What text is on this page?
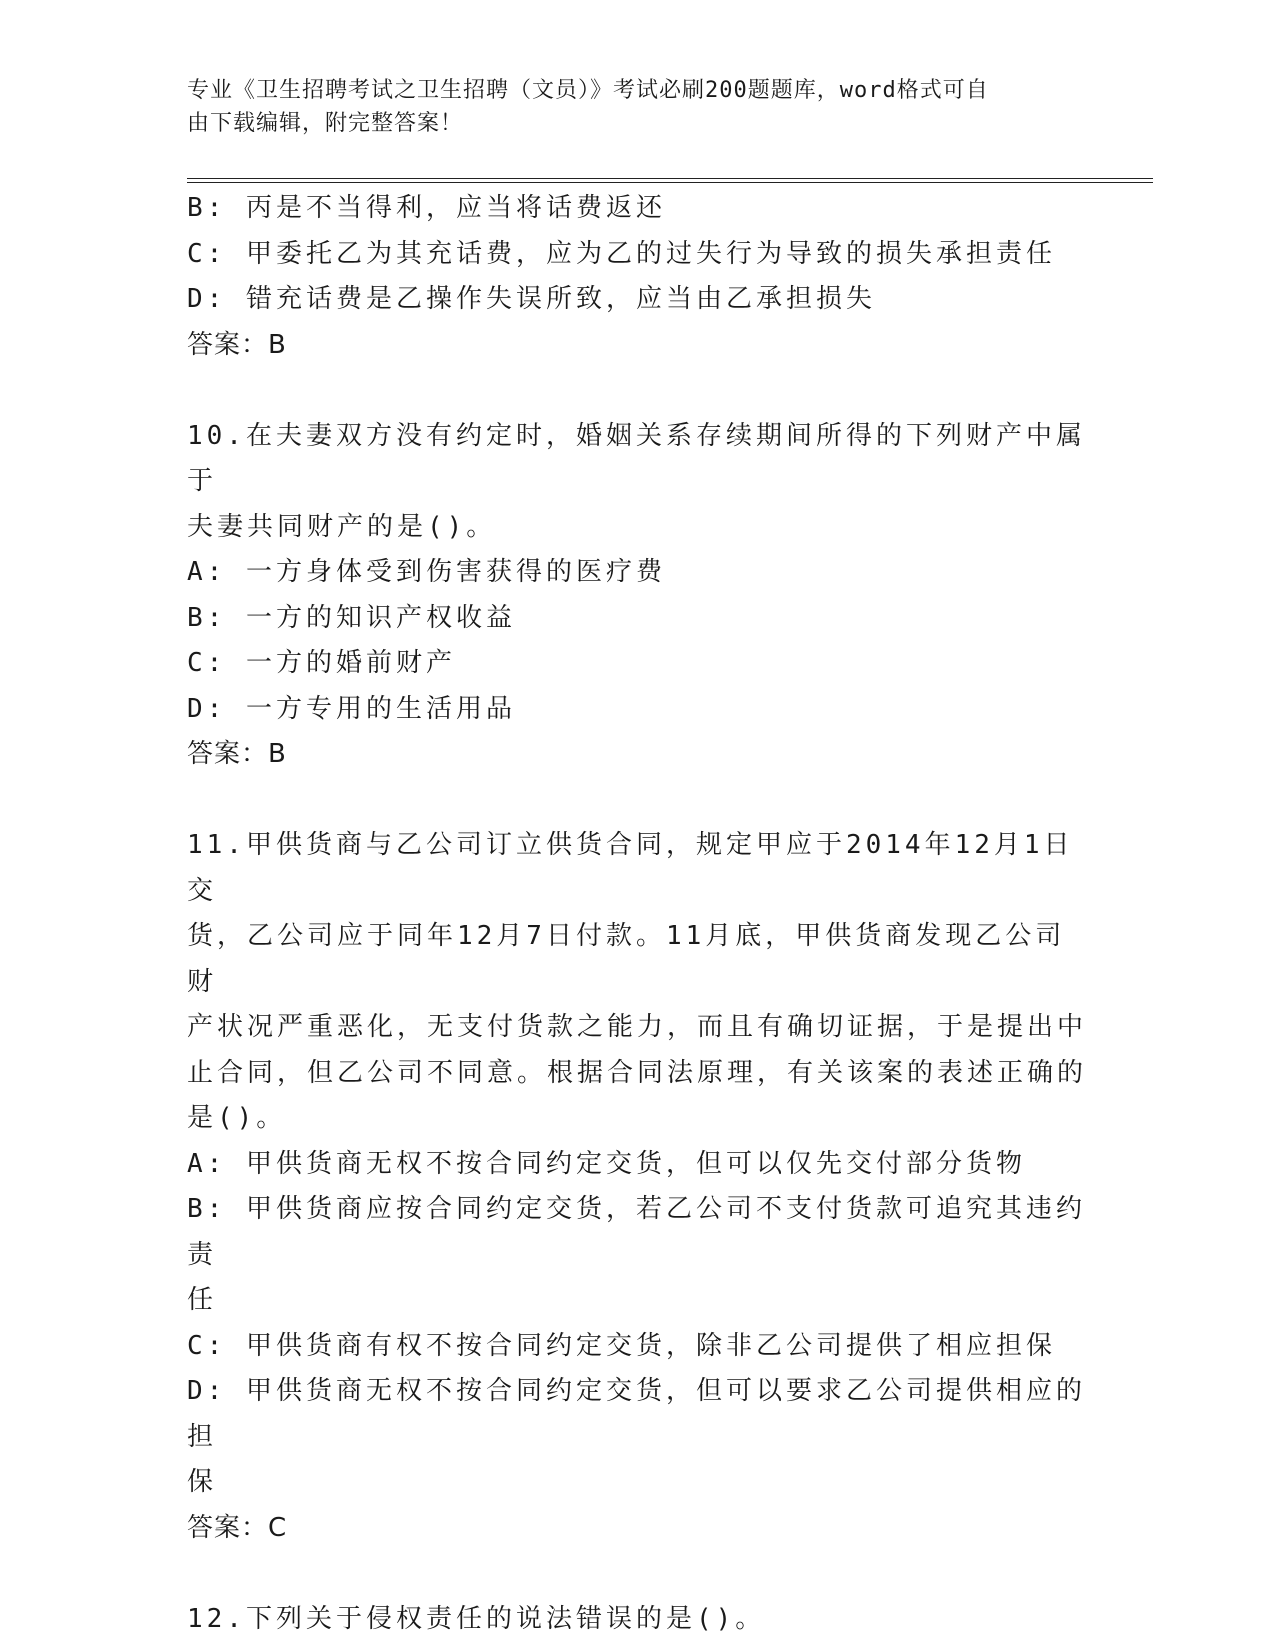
专业《卫生招聘考试之卫生招聘（文员）》考试必刷200题题库，word格式可自
由下载编辑，附完整答案！
B: 丙是不当得利，应当将话费返还
C: 甲委托乙为其充话费，应为乙的过失行为导致的损失承担责任
D: 错充话费是乙操作失误所致，应当由乙承担损失
答案：B
10.在夫妻双方没有约定时，婚姻关系存续期间所得的下列财产中属于
夫妻共同财产的是()。
A: 一方身体受到伤害获得的医疗费
B: 一方的知识产权收益
C: 一方的婚前财产
D: 一方专用的生活用品
答案：B
11.甲供货商与乙公司订立供货合同，规定甲应于2014年12月1日交
货，乙公司应于同年12月7日付款。11月底，甲供货商发现乙公司财
产状况严重恶化，无支付货款之能力，而且有确切证据，于是提出中
止合同，但乙公司不同意。根据合同法原理，有关该案的表述正确的
是()。
A: 甲供货商无权不按合同约定交货，但可以仅先交付部分货物
B: 甲供货商应按合同约定交货，若乙公司不支付货款可追究其违约责
任
C: 甲供货商有权不按合同约定交货，除非乙公司提供了相应担保
D: 甲供货商无权不按合同约定交货，但可以要求乙公司提供相应的担
保
答案：C
12.下列关于侵权责任的说法错误的是()。
